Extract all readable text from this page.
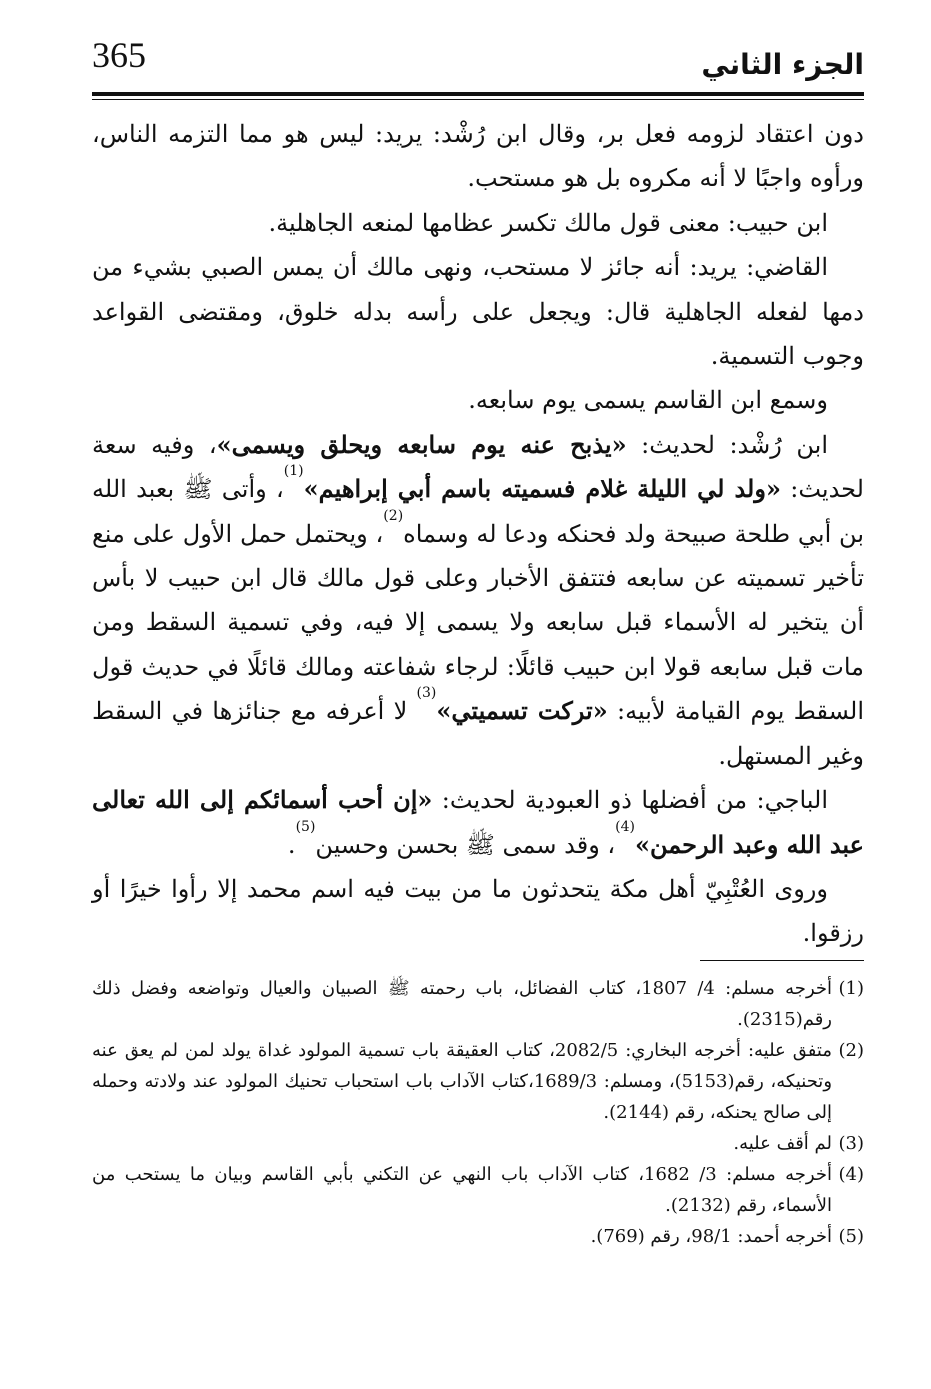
365	الجزء الثاني

دون اعتقاد لزومه فعل بر، وقال ابن رُشْد: يريد: ليس هو مما التزمه الناس، ورأوه واجبًا لا أنه مكروه بل هو مستحب.

ابن حبيب: معنى قول مالك تكسر عظامها لمنعه الجاهلية.

القاضي: يريد: أنه جائز لا مستحب، ونهى مالك أن يمس الصبي بشيء من دمها لفعله الجاهلية قال: ويجعل على رأسه بدله خلوق، ومقتضى القواعد وجوب التسمية.

وسمع ابن القاسم يسمى يوم سابعه.

ابن رُشْد: لحديث: «يذبح عنه يوم سابعه ويحلق ويسمى»، وفيه سعة لحديث: «ولد لي الليلة غلام فسميته باسم أبي إبراهيم»$^{(1)}$، وأتى ﷺ بعبد الله بن أبي طلحة صبيحة ولد فحنكه ودعا له وسماه$^{(2)}$، ويحتمل حمل الأول على منع تأخير تسميته عن سابعه فتتفق الأخبار وعلى قول مالك قال ابن حبيب لا بأس أن يتخير له الأسماء قبل سابعه ولا يسمى إلا فيه، وفي تسمية السقط ومن مات قبل سابعه قولا ابن حبيب قائلًا: لرجاء شفاعته ومالك قائلًا في حديث قول السقط يوم القيامة لأبيه: «تركت تسميتي»$^{(3)}$ لا أعرفه مع جنائزها في السقط وغير المستهل.

الباجي: من أفضلها ذو العبودية لحديث: «إن أحب أسمائكم إلى الله تعالى عبد الله وعبد الرحمن»$^{(4)}$، وقد سمى ﷺ بحسن وحسين$^{(5)}$.

وروى العُتْبِيّ أهل مكة يتحدثون ما من بيت فيه اسم محمد إلا رأوا خيرًا أو رزقوا.

(1)
أخرجه مسلم: 4/ 1807، كتاب الفضائل، باب رحمته ﷺ الصبيان والعيال وتواضعه وفضل ذلك رقم(2315).
(2)
متفق عليه: أخرجه البخاري: 2082/5، كتاب العقيقة باب تسمية المولود غداة يولد لمن لم يعق عنه وتحنيكه، رقم(5153)، ومسلم: 1689/3،كتاب الآداب باب استحباب تحنيك المولود عند ولادته وحمله إلى صالح يحنكه، رقم (2144).
(3)
لم أقف عليه.
(4)
أخرجه مسلم: 3/ 1682، كتاب الآداب باب النهي عن التكني بأبي القاسم وبيان ما يستحب من الأسماء، رقم (2132).
(5)
أخرجه أحمد: 98/1، رقم (769).
